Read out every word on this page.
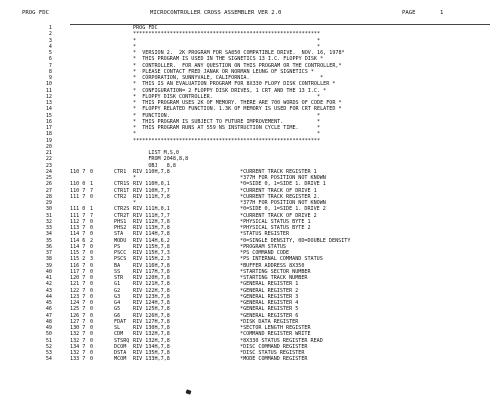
PROG FDC	MICROCONTROLLER CROSS ASSEMBLER VER 2.0	PAGE	1
1	PROG FDC
2	*************************************************************
3	*                                                           *
4	*                                                           *
5	*  VERSION 2.  2K PROGRAM FOR SA850 COMPATIBLE DRIVE.  NOV. 16, 1978*
6	*  THIS PROGRAM IS USED IN THE SIGNETICS 13 I.C. FLOPPY DISK *
7	*  CONTROLLER.  FOR ANY QUESTION ON THIS PROGRAM OR THE CONTROLLER,*
8	*  PLEASE CONTACT FRED JANAK OR NORMAN LEUNG OF SIGNETICS *
9	*  CORPORATION, SUNNYVALE, CALIFORNIA.                       *
10	*  THIS IS AN EVALUATION PROGRAM FOR 8X330 FLOPY DISK CONTROLLER *
11	*  CONFIGURATION= 2 FLOPPY DISK DRIVES, 1 CRT AND THE 13 I.C. *
12	*  FLOPPY DISK CONTROLLER.                                  *
13	*  THIS PROGRAM USES 2K OF MEMORY. THERE ARE 700 WORDS OF CODE FOR *
14	*  FLOPPY RELATED FUNCTION. 1.3K OF MEMORY IS USED FOR CRT RELATED *
15	*  FUNCTION.                                                *
16	*  THIS PROGRAM IS SUBJECT TO FUTURE IMPROVEMENT.           *
17	*  THIS PROGRAM RUNS AT 559 NS INSTRUCTION CYCLE TIME.      *
18	*                                                           *
19	*************************************************************
20
21	LIST M,S,0
22	FROM 2048,8,8
23	OBJ   8,8
24	110 7 0	CTR1 RIV 110H,7,8	*CURRENT TRACK REGISTER 1
25	*	*377H FOR POSITION NOT KNOWN
26	110 0 1	CTR1S RIV 110H,0,1	*0=SIDE 0, 1=SIDE 1. DRIVE 1
27	110 7 7	CTR1T RIV 110H,7,7	*CURRENT TRACK OF DRIVE 1
28	111 7 0	CTR2 RIV 111H,7,8	*CURRENT TRACK REGISTER 2.
29	*	*377H FOR POSITION NOT KNOWN
30	111 0 1	CTR2S RIV 111H,0,1	*0=SIDE 0, 1=SIDE 1. DRIVE 2
31	111 7 7	CTR2T RIV 111H,7,7	*CURRENT TRACK OF DRIVE 2
32	112 7 0	PHS1 RIV 112H,7,8	*PHYSICAL STATUS BYTE 1
33	113 7 0	PHS2 RIV 113H,7,8	*PHYSICAL STATUS BYTE 2
34	114 7 0	STA RIV 114H,7,8	*STATUS REGISTER
35	114 6 2	MODU RIV 114H,6,2	*0=SINGLE DENSITY, 0D=DOUBLE DENSITY
36	114 7 0	PS	RIV 115H,7,8	*PROGRAM STATUS
37	115 7 0	PSCC RIV 115H,7,3	*PS COMMAND CODE
38	115 2 3	PSCS RIV 115H,2,3	*PS INTERNAL COMMAND STATUS
39	116 7 0	BA	RIV 116H,7,8	*BUFFER ADDRESS 8X350
40	117 7 0	SS	RIV 117H,7,8	*STARTING SECTOR NUMBER
41	120 7 0	STR RIV 120H,7,8	*STARTING TRACK NUMBER
42	121 7 0	G1	RIV 121H,7,8	*GENERAL REGISTER 1
43	122 7 0	G2	RIV 122H,7,8	*GENERAL REGISTER 2
44	123 7 0	G3	RIV 123H,7,8	*GENERAL REGISTER 3
45	124 7 0	G4	RIV 124H,7,8	*GENERAL REGISTER 4
46	125 7 0	G5	RIV 125H,7,8	*GENERAL REGISTER 5
47	126 7 0	G6	RIV 126H,7,8	*GENERAL REGISTER 6
48	127 7 0	FDAT RIV 127H,7,8	*DISK DATA REGISTER
49	130 7 0	SL	RIV 130H,7,8	*SECTOR LENGTH REGISTER
50	132 7 0	CDM RIV 132H,7,8	*COMMAND REGISTER WRITE
51	132 7 0	STSRQ RIV 132H,7,8	*8X330 STATUS REGISTER READ
52	134 7 0	DCOM RIV 134H,7,8	*DISC COMMAND REGISTER
53	132 7 0	DSTA RIV 135H,7,8	*DISC STATUS REGISTER
54	133 7 0	MCOM RIV 133H,7,8	*MODE COMMAND REGISTER
